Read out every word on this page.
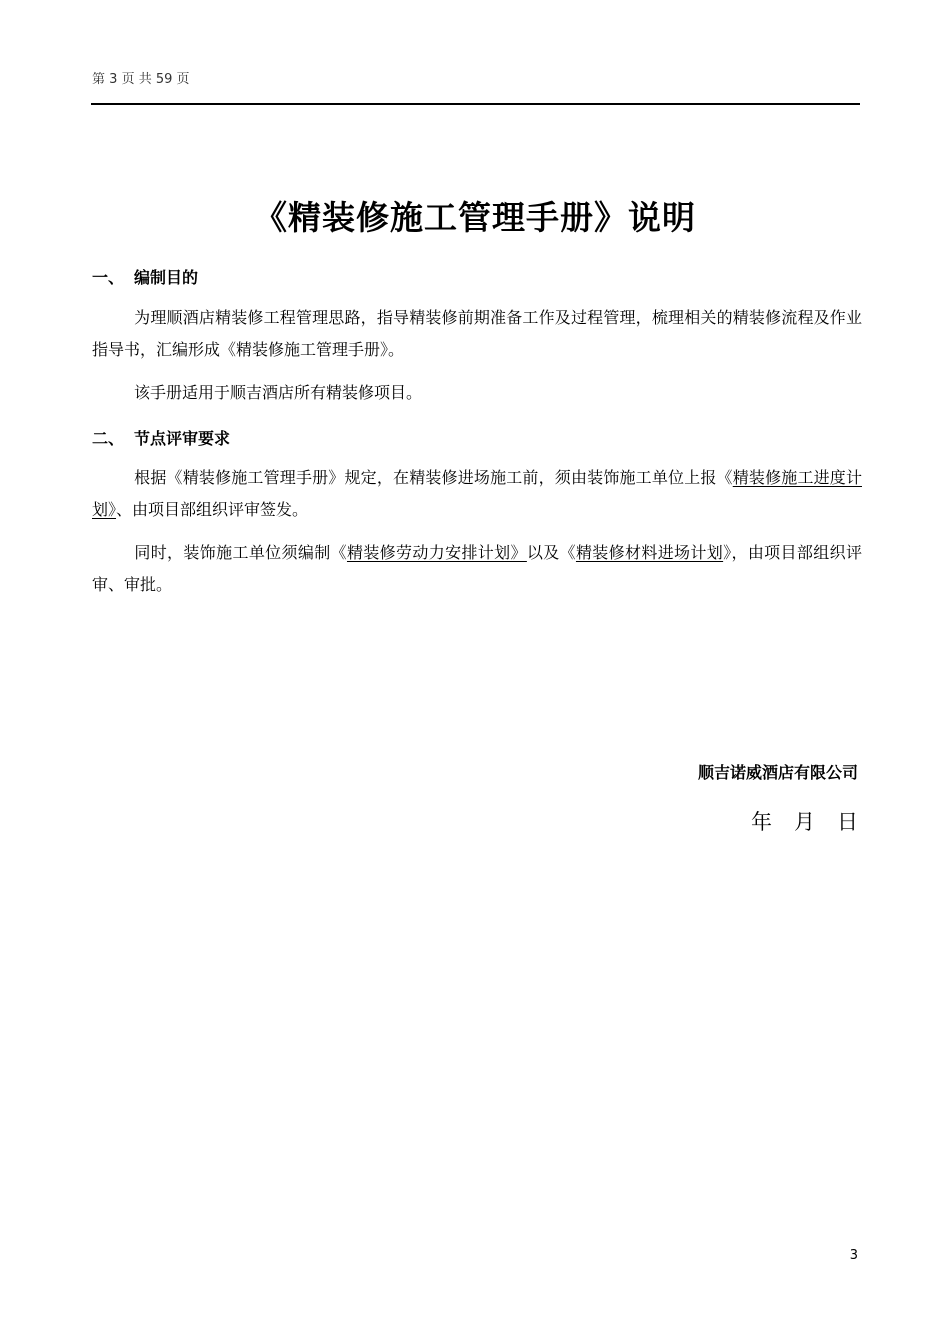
第 3 页 共 59 页
《精装修施工管理手册》说明
一、 编制目的
为理顺酒店精装修工程管理思路，指导精装修前期准备工作及过程管理，梳理相关的精装修流程及作业指导书，汇编形成《精装修施工管理手册》。
该手册适用于顺吉酒店所有精装修项目。
二、 节点评审要求
根据《精装修施工管理手册》规定，在精装修进场施工前，须由装饰施工单位上报《精装修施工进度计划》、由项目部组织评审签发。
同时，装饰施工单位须编制《精装修劳动力安排计划》以及《精装修材料进场计划》，由项目部组织评审、审批。
顺吉诺威酒店有限公司
年 月 日
3
